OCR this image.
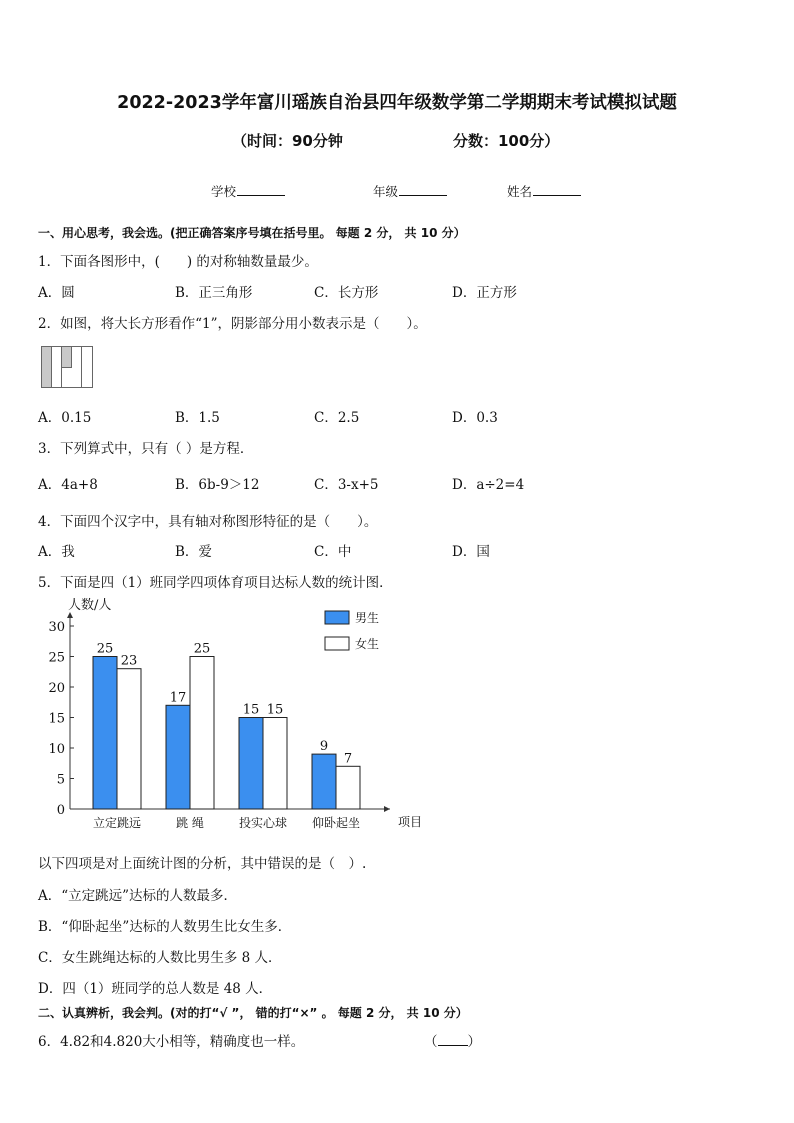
2022-2023学年富川瑶族自治县四年级数学第二学期期末考试模拟试题
（时间：90分钟	分数：100分）
学校	年级	姓名
一、用心思考，我会选。(把正确答案序号填在括号里。 每题 2 分， 共 10 分）
1．下面各图形中，(　　) 的对称轴数量最少。
A．圆	B．正三角形	C．长方形	D．正方形
2．如图，将大长方形看作“1”，阴影部分用小数表示是（　　）。
A．0.15	B．1.5	C．2.5	D．0.3
3．下列算式中，只有（ ）是方程．
A．4a+8	B．6b-9＞12	C．3-x+5	D．a÷2=4
4．下面四个汉字中，具有轴对称图形特征的是（　　）。
A．我	B．爱	C．中	D．国
5．下面是四（1）班同学四项体育项目达标人数的统计图．
0
5
10
15
20
25
30
人数/人
项目
25
23
立定跳远
17
25
跳 绳
15 15
投实心球
9
7
仰卧起坐
男生
女生
以下四项是对上面统计图的分析，其中错误的是（　）.
A．“立定跳远”达标的人数最多．
B．“仰卧起坐”达标的人数男生比女生多．
C．女生跳绳达标的人数比男生多 8 人．
D．四（1）班同学的总人数是 48 人．
二、认真辨析，我会判。(对的打“√ ”， 错的打“×” 。 每题 2 分， 共 10 分）
6．4.82和4.820大小相等，精确度也一样。	（ ）
